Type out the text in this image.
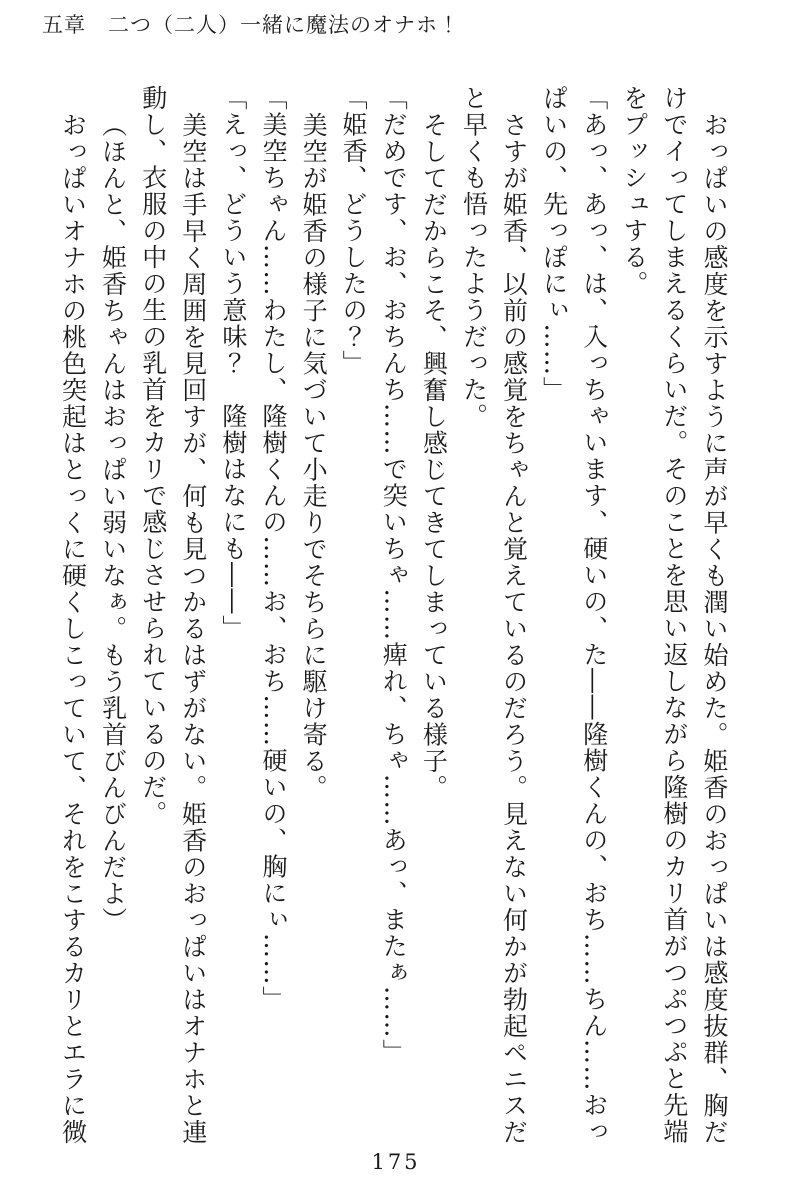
五章　二つ（二人）一緒に魔法のオナホ！

おっぱいの感度を示すように声が早くも潤い始めた。姫香のおっぱいは感度抜群、胸だ

けでイってしまえるくらいだ。そのことを思い返しながら隆樹のカリ首がつぷつぷと先端

をプッシュする。

「あっ、あっ、は、入っちゃいます、硬いの、た――隆樹くんの、おち……ちん……おっ

ぱいの、先っぽにぃ……」

さすが姫香、以前の感覚をちゃんと覚えているのだろう。見えない何かが勃起ペニスだ

と早くも悟ったようだった。

そしてだからこそ、興奮し感じてきてしまっている様子。

「だめです、お、おちんち……で突いちゃ……痺れ、ちゃ……あっ、またぁ……」

「姫香、どうしたの？」

美空が姫香の様子に気づいて小走りでそちらに駆け寄る。

「美空ちゃん……わたし、隆樹くんの……お、おち……硬いの、胸にぃ……」

「えっ、どういう意味？　隆樹はなにも――」

美空は手早く周囲を見回すが、何も見つかるはずがない。姫香のおっぱいはオナホと連

動し、衣服の中の生の乳首をカリで感じさせられているのだ。

（ほんと、姫香ちゃんはおっぱい弱いなぁ。もう乳首びんびんだよ）

おっぱいオナホの桃色突起はとっくに硬くしこっていて、それをこするカリとエラに微

175
